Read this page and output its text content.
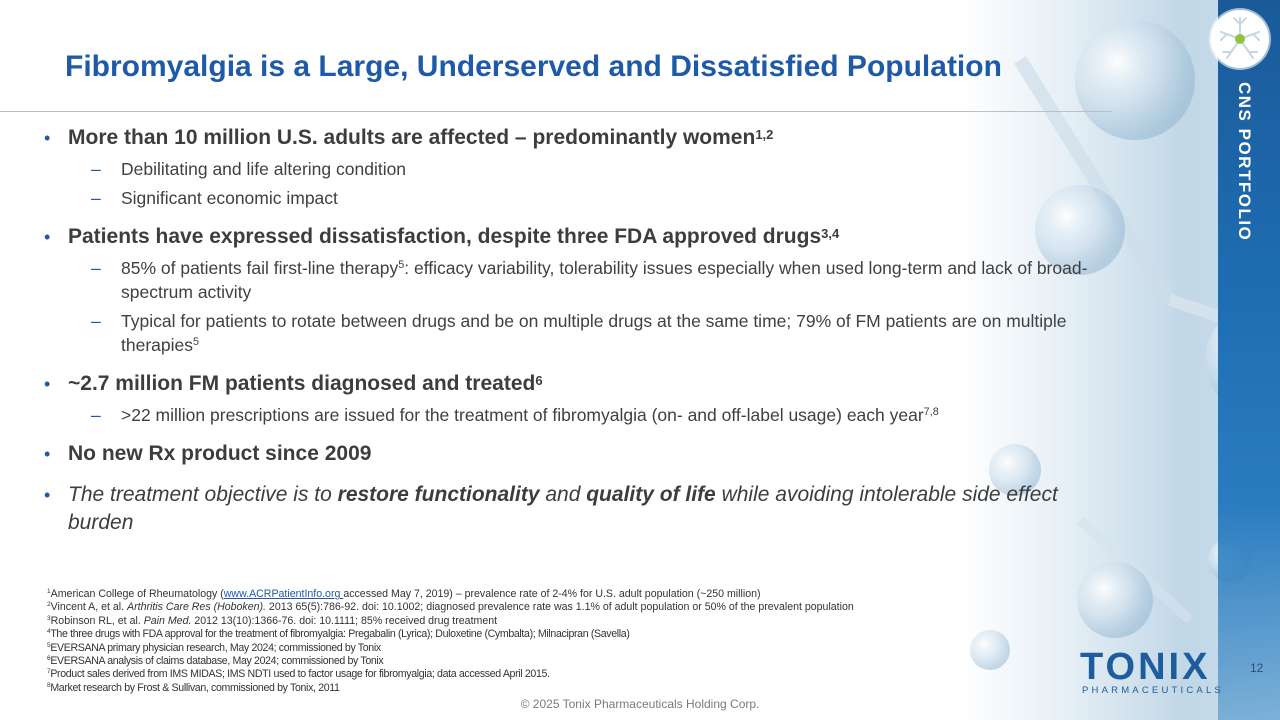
CNS PORTFOLIO
Fibromyalgia is a Large, Underserved and Dissatisfied Population
• More than 10 million U.S. adults are affected – predominantly women$^{1,2}$
– Debilitating and life altering condition
– Significant economic impact
• Patients have expressed dissatisfaction, despite three FDA approved drugs$^{3,4}$
– 85% of patients fail first-line therapy$^5$: efficacy variability, tolerability issues especially when used long-term and lack of broad-spectrum activity
– Typical for patients to rotate between drugs and be on multiple drugs at the same time; 79% of FM patients are on multiple therapies$^5$
• ~2.7 million FM patients diagnosed and treated$^6$
– >22 million prescriptions are issued for the treatment of fibromyalgia (on- and off-label usage) each year$^{7,8}$
• No new Rx product since 2009
• The treatment objective is to restore functionality and quality of life while avoiding intolerable side effect burden
$^1$American College of Rheumatology (www.ACRPatientInfo.org accessed May 7, 2019) – prevalence rate of 2-4% for U.S. adult population (~250 million)
$^2$Vincent A, et al. Arthritis Care Res (Hoboken). 2013 65(5):786-92. doi: 10.1002; diagnosed prevalence rate was 1.1% of adult population or 50% of the prevalent population
$^3$Robinson RL, et al. Pain Med. 2012 13(10):1366-76. doi: 10.1111; 85% received drug treatment
$^4$The three drugs with FDA approval for the treatment of fibromyalgia: Pregabalin (Lyrica); Duloxetine (Cymbalta); Milnacipran (Savella)
$^5$EVERSANA primary physician research, May 2024; commissioned by Tonix
$^6$EVERSANA analysis of claims database, May 2024; commissioned by Tonix
$^7$Product sales derived from IMS MIDAS; IMS NDTI used to factor usage for fibromyalgia; data accessed April 2015.
$^8$Market research by Frost & Sullivan, commissioned by Tonix, 2011	TONIX
PHARMACEUTICALS
12
© 2025 Tonix Pharmaceuticals Holding Corp.
